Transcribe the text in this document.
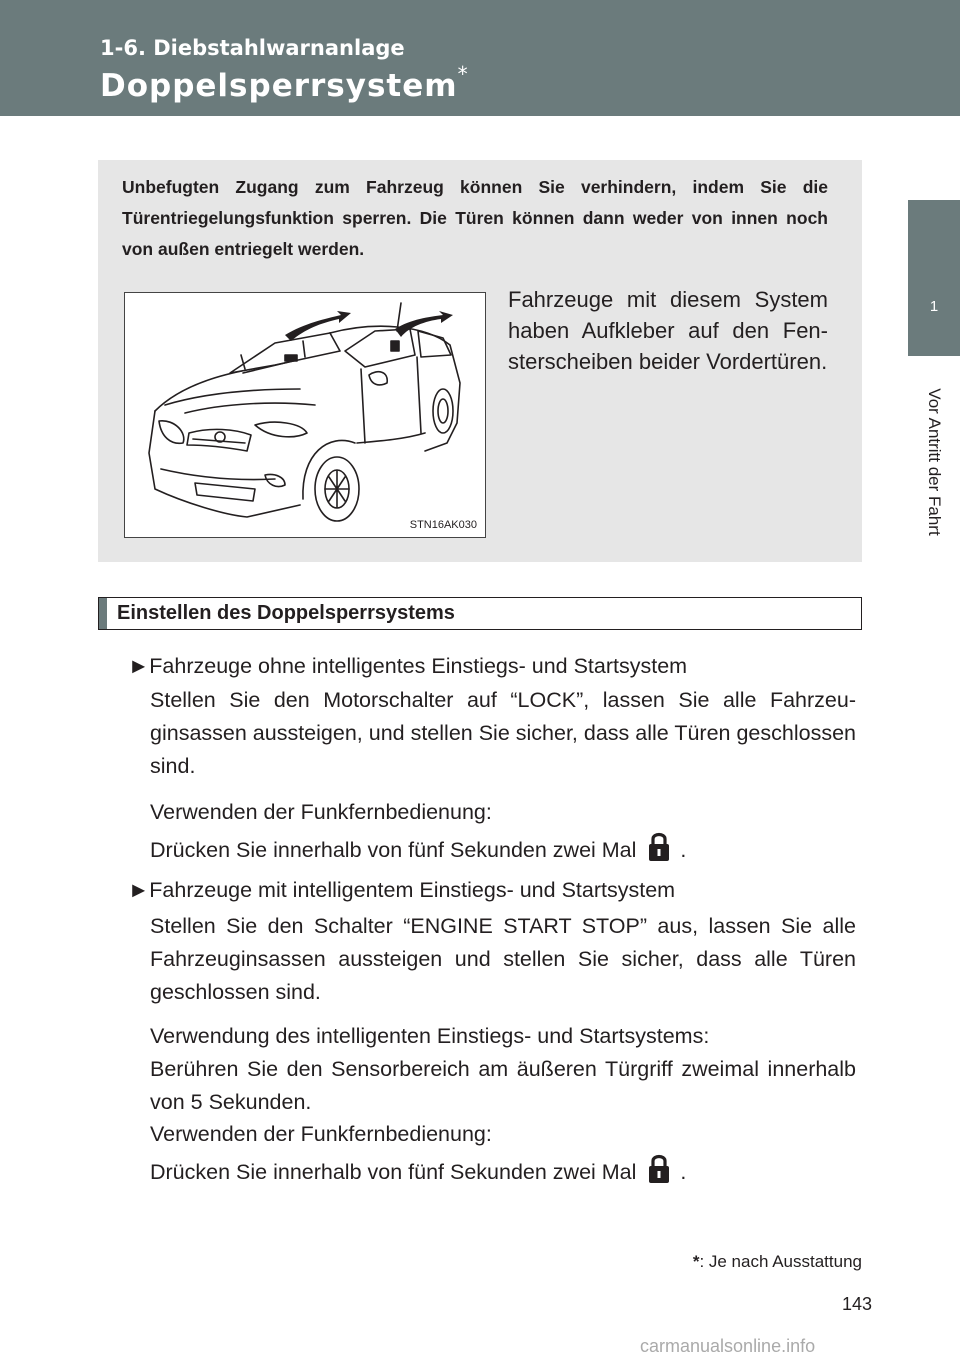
1-6. Diebstahlwarnanlage
Doppelsperrsystem*
1
Vor Antritt der Fahrt
Unbefugten Zugang zum Fahrzeug können Sie verhindern, indem Sie die Türentriegelungsfunktion sperren. Die Türen können dann weder von innen noch von außen entriegelt werden.
STN16AK030
Fahrzeuge mit diesem System haben Aufkleber auf den Fensterscheiben beider Vordertüren.
Einstellen des Doppelsperrsystems
►Fahrzeuge ohne intelligentes Einstiegs- und Startsystem
Stellen Sie den Motorschalter auf “LOCK”, lassen Sie alle Fahrzeuginsassen aussteigen, und stellen Sie sicher, dass alle Türen geschlossen sind.
Verwenden der Funkfernbedienung:
Drücken Sie innerhalb von fünf Sekunden zwei Mal .
►Fahrzeuge mit intelligentem Einstiegs- und Startsystem
Stellen Sie den Schalter “ENGINE START STOP” aus, lassen Sie alle Fahrzeuginsassen aussteigen und stellen Sie sicher, dass alle Türen geschlossen sind.
Verwendung des intelligenten Einstiegs- und Startsystems:
Berühren Sie den Sensorbereich am äußeren Türgriff zweimal innerhalb von 5 Sekunden.
Verwenden der Funkfernbedienung:
Drücken Sie innerhalb von fünf Sekunden zwei Mal .
*: Je nach Ausstattung
143
carmanualsonline.info
